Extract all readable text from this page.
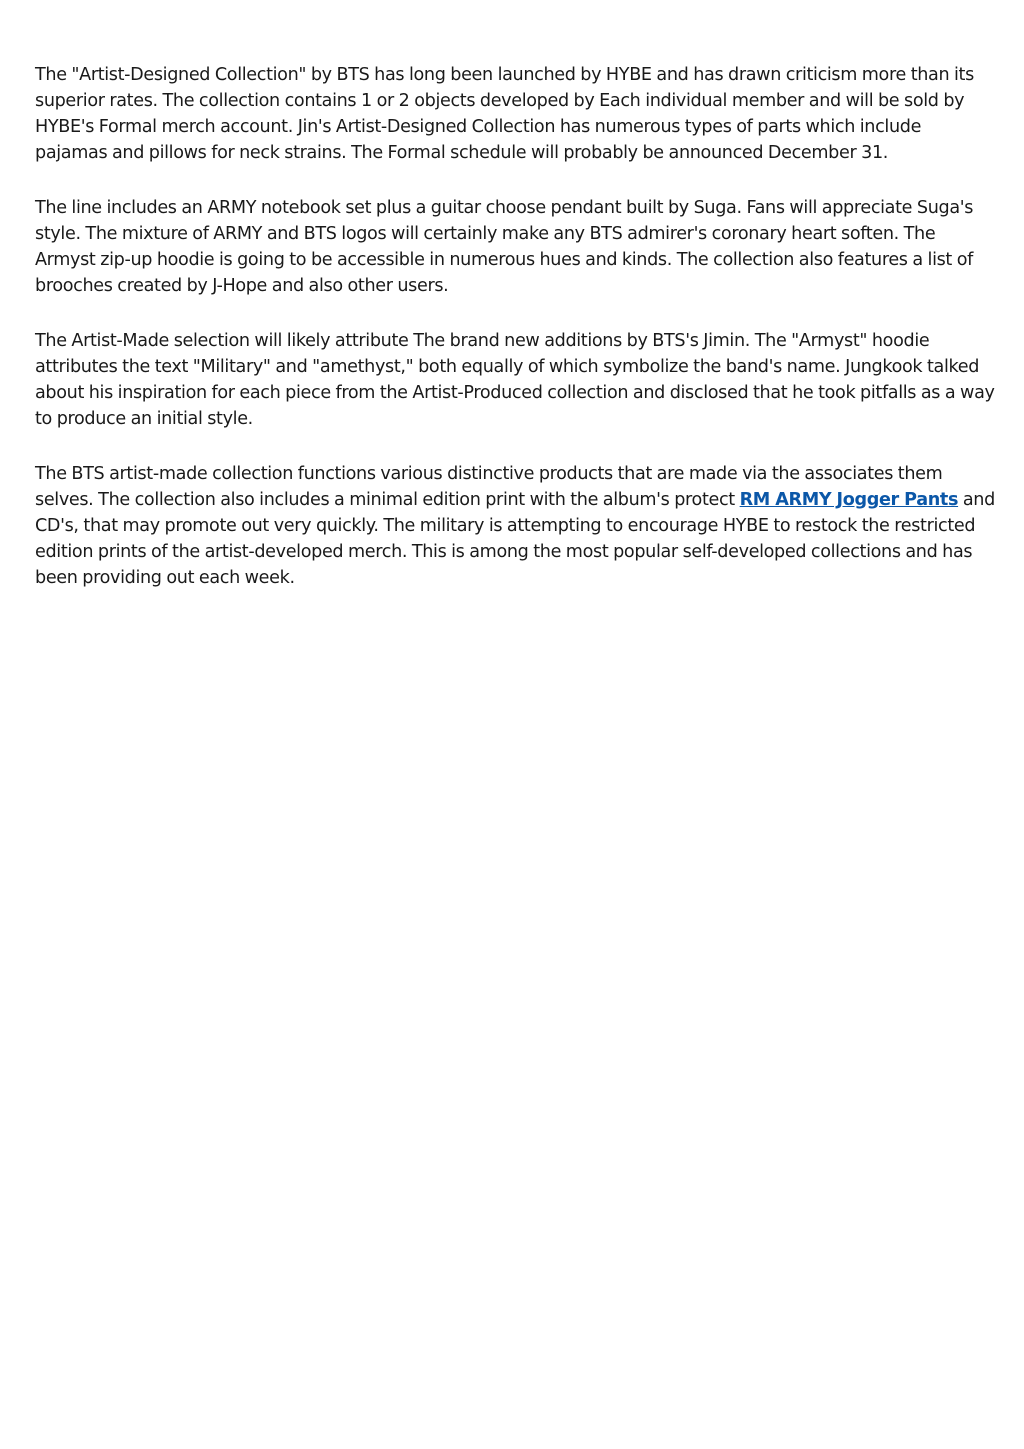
The "Artist-Designed Collection" by BTS has long been launched by HYBE and has drawn criticism more than its superior rates. The collection contains 1 or 2 objects developed by Each individual member and will be sold by HYBE's Formal merch account. Jin's Artist-Designed Collection has numerous types of parts which include pajamas and pillows for neck strains. The Formal schedule will probably be announced December 31.

The line includes an ARMY notebook set plus a guitar choose pendant built by Suga. Fans will appreciate Suga's style. The mixture of ARMY and BTS logos will certainly make any BTS admirer's coronary heart soften. The Armyst zip-up hoodie is going to be accessible in numerous hues and kinds. The collection also features a list of brooches created by J-Hope and also other users.

The Artist-Made selection will likely attribute The brand new additions by BTS's Jimin. The "Armyst" hoodie attributes the text "Military" and "amethyst," both equally of which symbolize the band's name. Jungkook talked about his inspiration for each piece from the Artist-Produced collection and disclosed that he took pitfalls as a way to produce an initial style.

The BTS artist-made collection functions various distinctive products that are made via the associates them selves. The collection also includes a minimal edition print with the album's protect RM ARMY Jogger Pants and CD's, that may promote out very quickly. The military is attempting to encourage HYBE to restock the restricted edition prints of the artist-developed merch. This is among the most popular self-developed collections and has been providing out each week.
